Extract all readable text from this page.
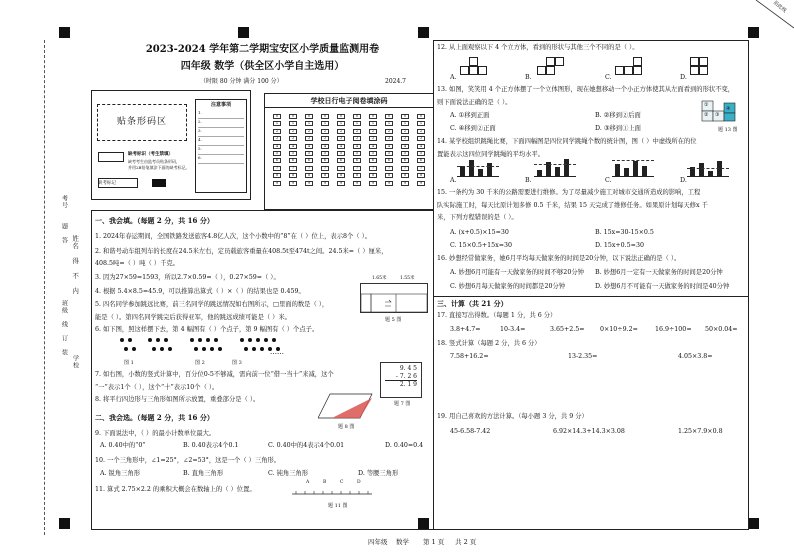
沿此线
考号　　题　答 姓名　得　不　内
班级　线　订　装
学校
2023-2024 学年第二学期宝安区小学质量监测用卷
四年级 数学（供全区小学自主选用）
（时限 80 分钟 满分 100 分）	2024.7
贴条形码区
注意事项
1.
2.
3.
4.
5.
6.
缺考标识（考生禁填）
缺考考生由监考员贴条形码，
并用2B铅笔填涂下面的缺考标记。
缺考标记
学校日行电子阅卷填涂码
0
1
2
3
4
5
6
7
8
9
0
1
2
3
4
5
6
7
8
9
0
1
2
3
4
5
6
7
8
9
0
1
2
3
4
5
6
7
8
9
0
1
2
3
4
5
6
7
8
9
0
1
2
3
4
5
6
7
8
9
0
1
2
3
4
5
6
7
8
9
0
1
2
3
4
5
6
7
8
9
0
1
2
3
4
5
6
7
8
9
0
1
2
3
4
5
6
7
8
9
一、我会填。（每题 2 分，共 16 分）
1. 2024年春运期间，全国铁路发送旅客4.8亿人次，这个小数中的“8”在（ ）位上，表示8个（ ）。
2. 和谐号动车组列车的长度在24.5米左右，定员载旅客重量在408.5t至474t之间。24.5米=（ ）厘米，
408.5吨=（ ）吨（ ）千克。
3. 因为27×59=1593，所以2.7×0.59=（ ），0.27×59=（ ）。
4. 根据 5.4×8.5=45.9，可以推算出算式（ ）×（ ）的结果也是 0.459。
5. 四名同学参加跳远比赛，前三名同学的跳远情况如右图所示，□里面的数是（ ），
能是（ ）。第四名同学跳完后获得亚军，他的跳远成绩可能是（ ）米。
1.65米	1.55米
题 5 图
6. 如下图，照这样摆下去，第 4 幅图有（ ）个点子，第 9 幅图有（ ）个点子。
图 1	图 2	图 3
……
7. 如右图，小数的竖式计算中，百分位0-5不够减，需向前一位“借一当十”来减，这个
“一”表示1个（ ），这个“十”表示10个（ ）。
9. 4 5
- 7. 2 6
2. 1 9
题 7 图
8. 将平行四边形与三角形如图所示放置，重叠部分是（ ）。
题 8 图
二、我会选。（每题 2 分，共 16 分）
9. 下面说法中，（ ）的最小计数单位最大。
A. 0.40中的“0”	B. 0.40表示4个0.1	C. 0.40中的4表示4个0.01	D. 0.40=0.4
10. 一个三角形中，∠1=25°，∠2=53°，这是一个（ ）三角形。
A. 锐角三角形	B. 直角三角形	C. 钝角三角形	D. 等腰三角形
11. 算式 2.75×2.2 的乘积大概会在数轴上的（ ）位置。
A	B	C	D
题 11 图
12. 从上面观察以下 4 个立方体，看到的形状与其他三个不同的是（ ）。
A.	B.	C.	D.
13. 如图，笑笑用 4 个正方体摆了一个立体图形，现在她想移动一个小正方体使其从左面看到的形状不变，
则下面说法正确的是（ ）。
A. ①移到正面	B. ②移到②后面
C. ④移到②正面	D. ③移到①上面
①
② ③
④
题 13 图
14. 某学校组织跳绳比赛，下面四幅图是四位同学跳绳个数的统计图，图（ ）中虚线所在的位
置能表示这四位同学跳绳的平均水平。
A.	B.	C.	D.
15. 一条约为 30 千米的公路需要进行维修。为了尽量减少施工对城市交通所造成的影响，工程
队实际施工时，每天比原计划多修 0.5 千米，结果 15 天完成了维修任务。如果原计划每天修x 千
米，下列方程错误的是（ ）。
A. (x+0.5)×15=30	B. 15x=30-15×0.5
C. 15×0.5+15x=30	D. 15x+0.5=30
16. 妙想经常做家务，她6月平均每天做家务的时间是20分钟，以下说法正确的是（ ）。
A. 妙想6月可能有一天做家务的时间不够20分钟 B. 妙想6月一定有一天做家务的时间是20分钟
C. 妙想6月每天做家务的时间都是20分钟	D. 妙想6月不可能有一天做家务的时间是40分钟
三、计算（共 21 分）
17. 直接写出得数。（每题 1 分，共 6 分）
3.8+4.7=	10-3.4=	3.65+2.5= 0×10÷9.2=	16.9÷100= 50×0.04=
18. 竖式计算（每题 2 分，共 6 分）
7.58+16.2=	13-2.35=	4.05×3.8=
19. 用自己喜欢的方法计算。（每小题 3 分，共 9 分）
45-6.58-7.42	6.92×14.3+14.3×3.08	1.25×7.9×0.8
四年级 数学 第 1 页 共 2 页
